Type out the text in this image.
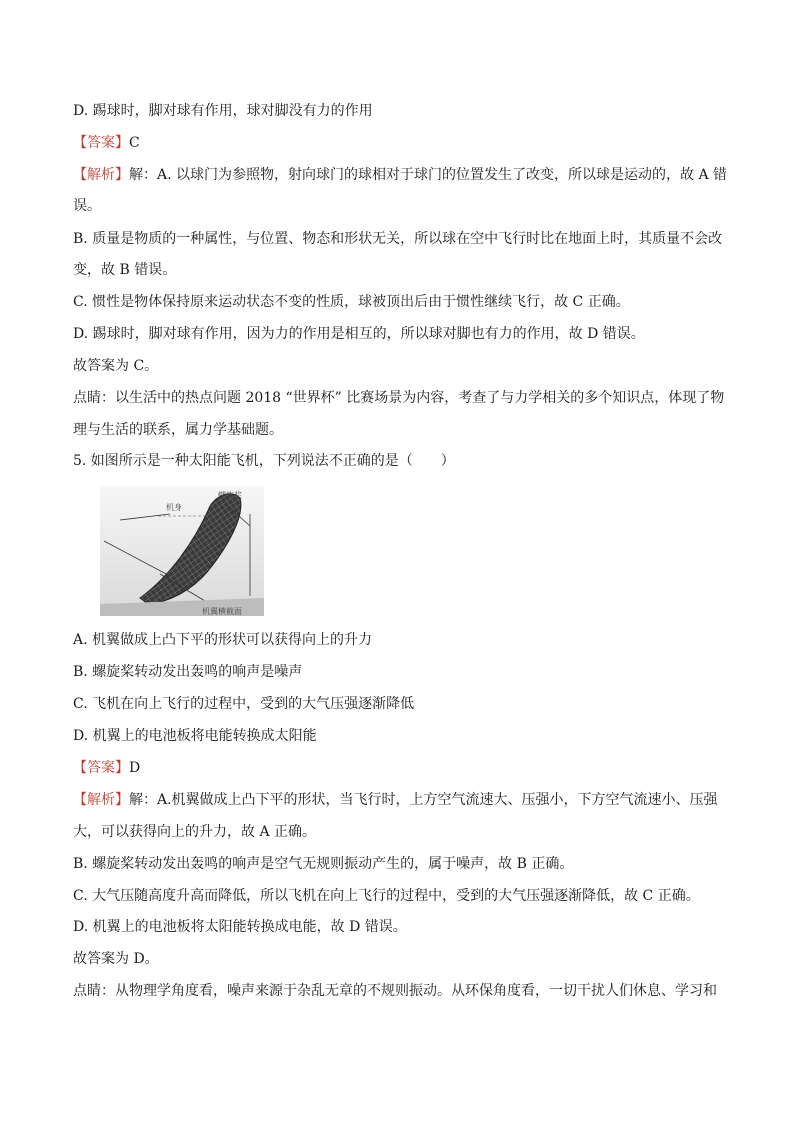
D. 踢球时，脚对球有作用，球对脚没有力的作用
【答案】C
【解析】解：A. 以球门为参照物，射向球门的球相对于球门的位置发生了改变，所以球是运动的，故 A 错
误。
B. 质量是物质的一种属性，与位置、物态和形状无关，所以球在空中飞行时比在地面上时，其质量不会改
变，故 B 错误。
C. 惯性是物体保持原来运动状态不变的性质，球被顶出后由于惯性继续飞行，故 C 正确。
D. 踢球时，脚对球有作用，因为力的作用是相互的，所以球对脚也有力的作用，故 D 错误。
故答案为 C。
点睛：以生活中的热点问题 2018 “世界杯” 比赛场景为内容，考查了与力学相关的多个知识点，体现了物
理与生活的联系，属力学基础题。
5. 如图所示是一种太阳能飞机，下列说法不正确的是（　　）
机身
螺旋桨
机翼横截面
A. 机翼做成上凸下平的形状可以获得向上的升力
B. 螺旋桨转动发出轰鸣的响声是噪声
C. 飞机在向上飞行的过程中，受到的大气压强逐渐降低
D. 机翼上的电池板将电能转换成太阳能
【答案】D
【解析】解：A.机翼做成上凸下平的形状，当飞行时，上方空气流速大、压强小，下方空气流速小、压强
大，可以获得向上的升力，故 A 正确。
B. 螺旋桨转动发出轰鸣的响声是空气无规则振动产生的，属于噪声，故 B 正确。
C. 大气压随高度升高而降低，所以飞机在向上飞行的过程中，受到的大气压强逐渐降低，故 C 正确。
D. 机翼上的电池板将太阳能转换成电能，故 D 错误。
故答案为 D。
点睛：从物理学角度看，噪声来源于杂乱无章的不规则振动。从环保角度看，一切干扰人们休息、学习和
